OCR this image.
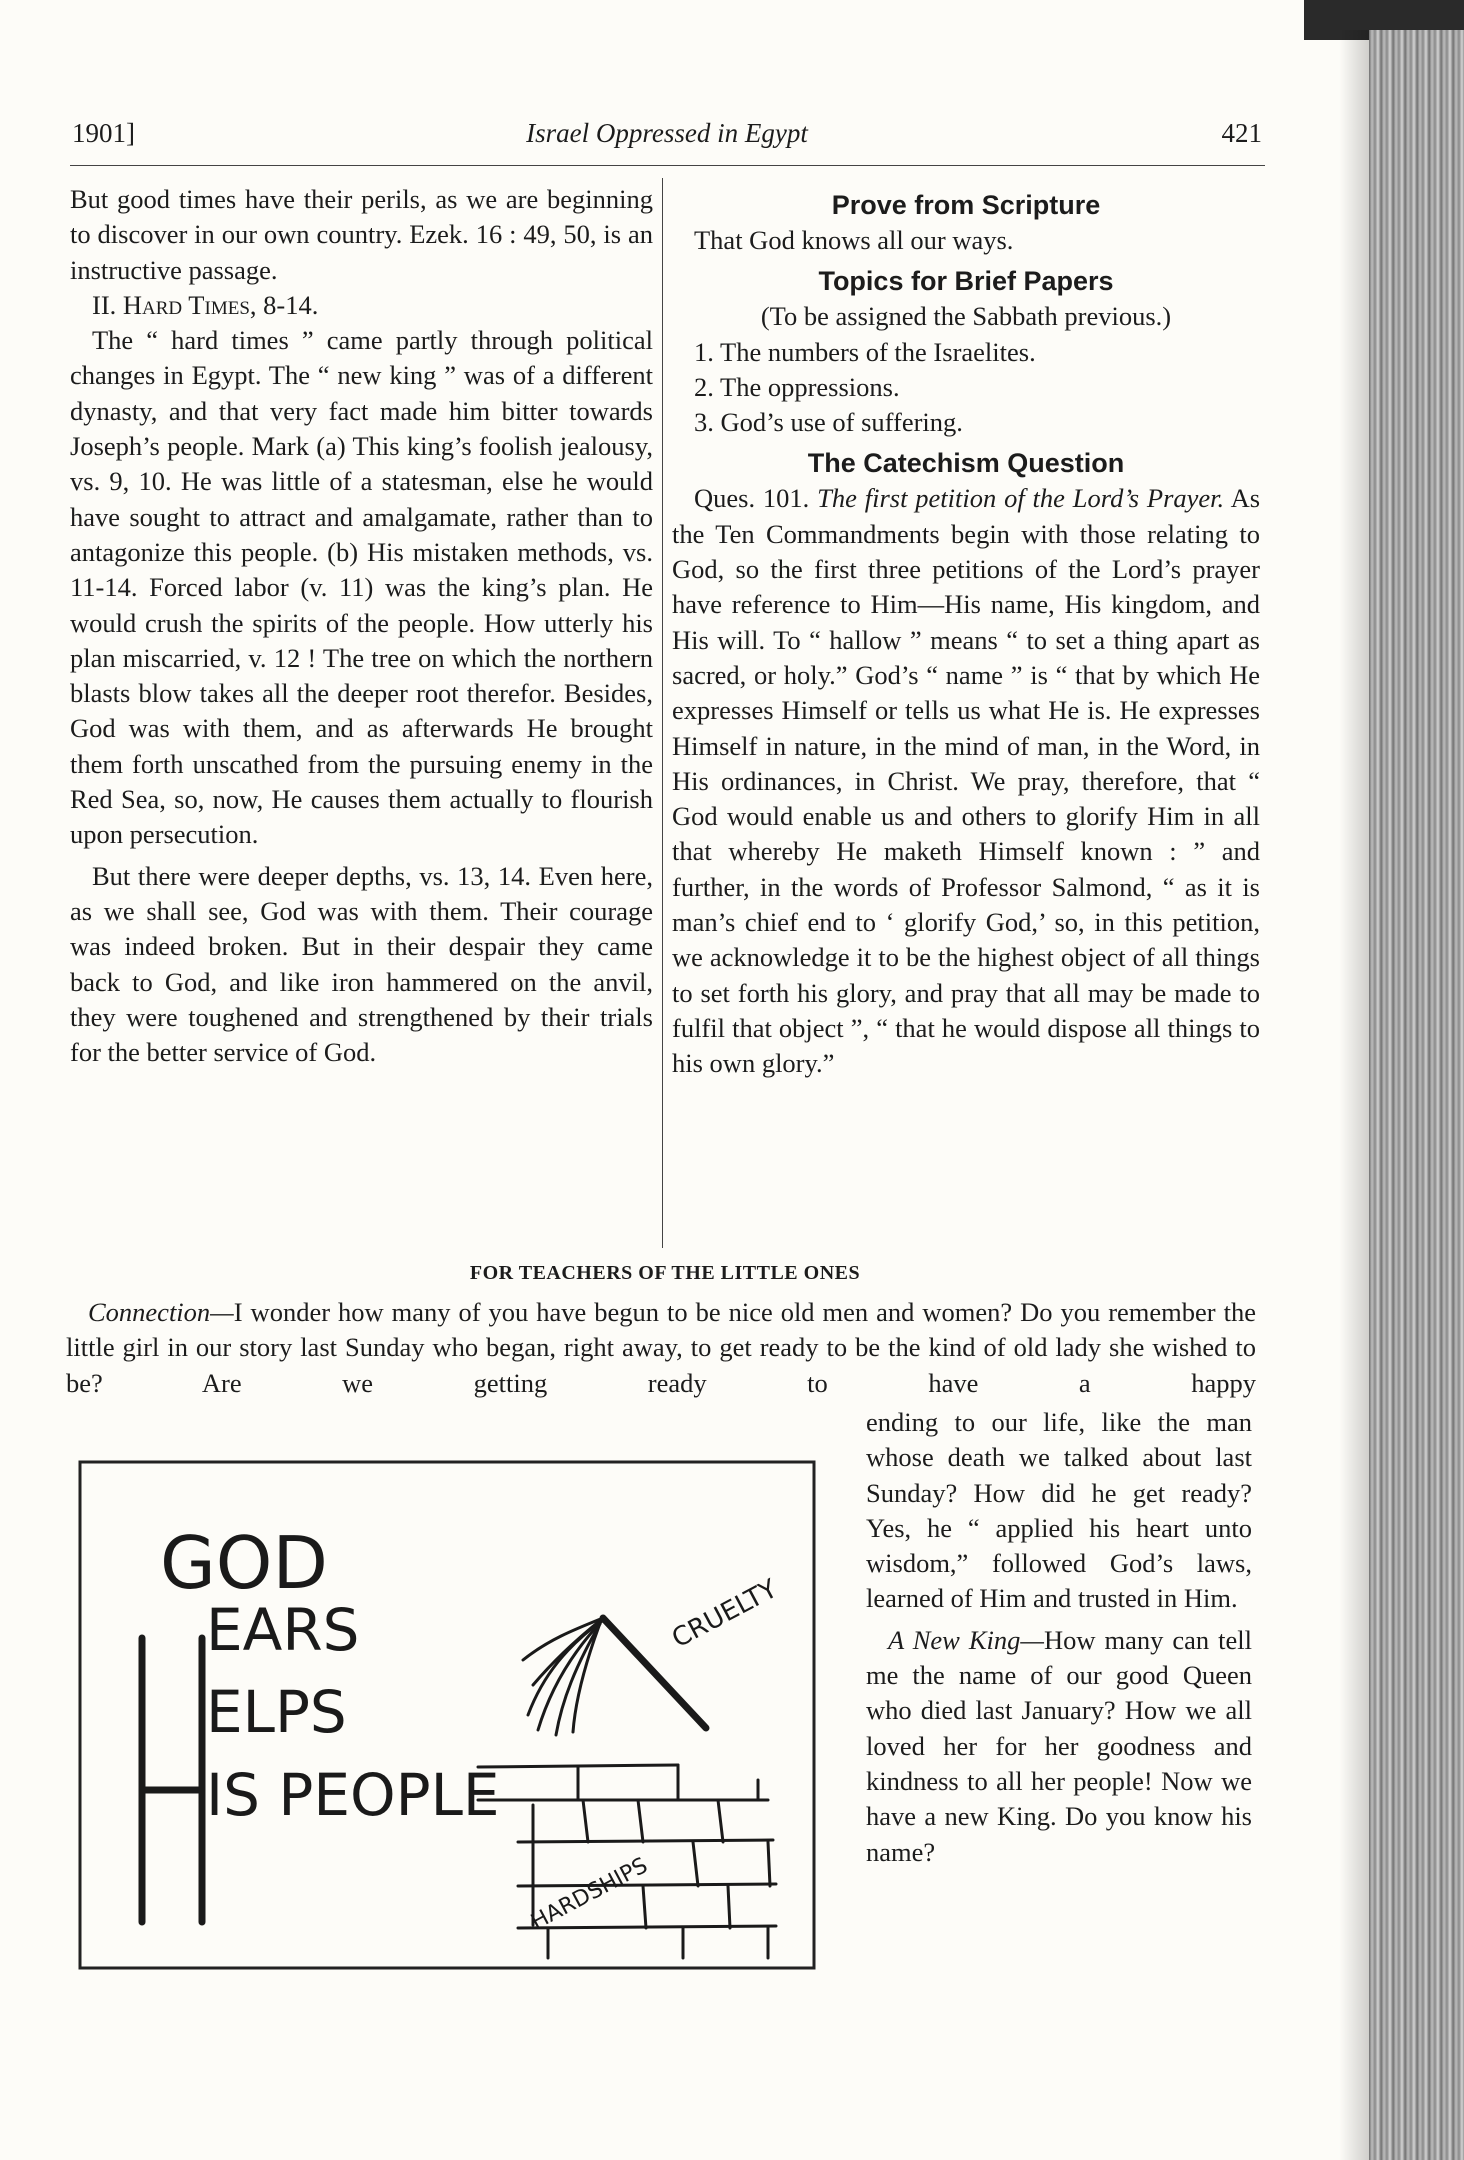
1901]	Israel Oppressed in Egypt	421

But good times have their perils, as we are beginning to discover in our own country. Ezek. 16 : 49, 50, is an instructive passage.

II. Hard Times, 8-14.

The “ hard times ” came partly through political changes in Egypt. The “ new king ” was of a different dynasty, and that very fact made him bitter towards Joseph’s people. Mark (a) This king’s foolish jealousy, vs. 9, 10. He was little of a statesman, else he would have sought to attract and amalgamate, rather than to antagonize this people. (b) His mistaken methods, vs. 11-14. Forced labor (v. 11) was the king’s plan. He would crush the spirits of the people. How utterly his plan miscarried, v. 12 ! The tree on which the northern blasts blow takes all the deeper root therefor. Besides, God was with them, and as afterwards He brought them forth unscathed from the pursuing enemy in the Red Sea, so, now, He causes them actually to flourish upon persecution.

But there were deeper depths, vs. 13, 14. Even here, as we shall see, God was with them. Their courage was indeed broken. But in their despair they came back to God, and like iron hammered on the anvil, they were toughened and strengthened by their trials for the better service of God.

Prove from Scripture

That God knows all our ways.

Topics for Brief Papers

(To be assigned the Sabbath previous.)

1. The numbers of the Israelites.

2. The oppressions.

3. God’s use of suffering.

The Catechism Question

Ques. 101. The first petition of the Lord’s Prayer. As the Ten Commandments begin with those relating to God, so the first three petitions of the Lord’s prayer have reference to Him—His name, His kingdom, and His will. To “ hallow ” means “ to set a thing apart as sacred, or holy.” God’s “ name ” is “ that by which He expresses Himself or tells us what He is. He expresses Himself in nature, in the mind of man, in the Word, in His ordinances, in Christ. We pray, therefore, that “ God would enable us and others to glorify Him in all that whereby He maketh Himself known : ” and further, in the words of Professor Salmond, “ as it is man’s chief end to ‘ glorify God,’ so, in this petition, we acknowledge it to be the highest object of all things to set forth his glory, and pray that all may be made to fulfil that object ”, “ that he would dispose all things to his own glory.”

FOR TEACHERS OF THE LITTLE ONES

Connection—I wonder how many of you have begun to be nice old men and women? Do you remember the little girl in our story last Sunday who began, right away, to get ready to be the kind of old lady she wished to be? Are we getting ready to have a happy

GOD
EARS
ELPS
IS PEOPLE
H
CRUELTY
HARDSHIPS

ending to our life, like the man whose death we talked about last Sunday? How did he get ready? Yes, he “ applied his heart unto wisdom,” followed God’s laws, learned of Him and trusted in Him.

A New King—How many can tell me the name of our good Queen who died last January? How we all loved her for her goodness and kindness to all her people! Now we have a new King. Do you know his name?
